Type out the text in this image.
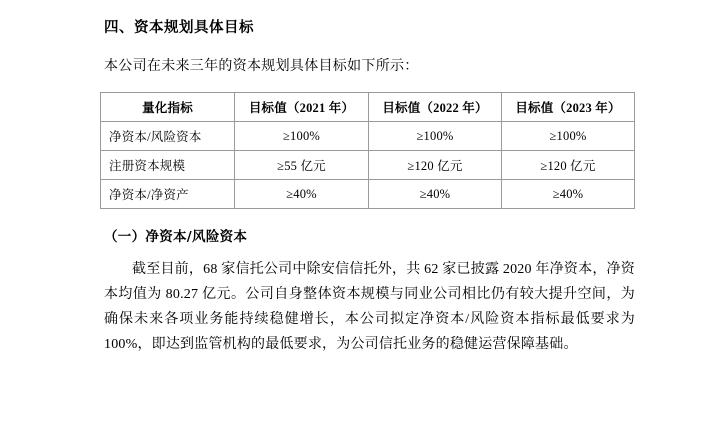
四、资本规划具体目标
本公司在未来三年的资本规划具体目标如下所示：
量化指标	目标值（2021 年）	目标值（2022 年）	目标值（2023 年）
净资本/风险资本	≥100%	≥100%	≥100%
注册资本规模	≥55 亿元	≥120 亿元	≥120 亿元
净资本/净资产	≥40%	≥40%	≥40%
（一）净资本/风险资本
截至目前，68 家信托公司中除安信信托外，共 62 家已披露 2020 年净资本，净资本均值为 80.27 亿元。公司自身整体资本规模与同业公司相比仍有较大提升空间，为确保未来各项业务能持续稳健增长，本公司拟定净资本/风险资本指标最低要求为 100%，即达到监管机构的最低要求，为公司信托业务的稳健运营保障基础。
